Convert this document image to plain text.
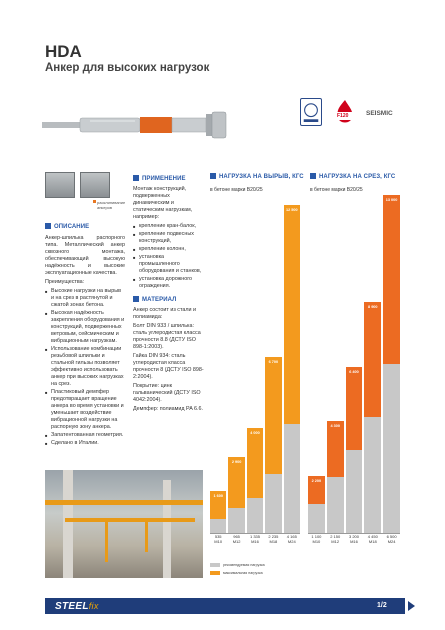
HDA
Анкер для высоких нагрузок
F120	SEISMIC
расклинивание анкеров
ОПИСАНИЕ

Анкер-шпилька распорного типа. Металлический анкер сквозного монтажа, обеспечивающий высокую надёжность и высокие эксплуатационные качества.

Преимущества:

■ Высокие нагрузки на вырыв и на срез в растянутой и сжатой зонах бетона.
■ Высокая надёжность закрепления оборудования и конструкций, подверженных ветровым, сейсмическим и вибрационным нагрузкам.
■ Использование комбинации резьбовой шпильки и стальной гильзы позволяет эффективно использовать анкер при высоких нагрузках на срез.
■ Пластиковый демпфер предотвращает вращение анкера во время установки и уменьшает воздействие вибрационной нагрузки на распорную зону анкера.
■ Запатентованная геометрия.
■ Сделано в Италии.
ПРИМЕНЕНИЕ

Монтаж конструкций, подверженных динамическим и статическим нагрузкам, например:

■ крепление кран-балок,
■ крепление подвесных конструкций,
■ крепление колонн,
■ установка промышленного оборудования и станков,
■ установка дорожного ограждения.
МАТЕРИАЛ

Анкер состоит из стали и полиамида:

Болт DIN 933 / шпилька: сталь углеродистая класса прочности 8.8 (ДСТУ ISO 898-1:2003).

Гайка DIN 934: сталь углеродистая класса прочности 8 (ДСТУ ISO 898-2:2004).

Покрытие: цинк гальванический (ДСТУ ISO 4042:2004).

Демпфер: полиамид PA 6.6.

НАГРУЗКА НА ВЫРЫВ, КГС
в бетоне марки В20/25
1 600
535
M10
2 900
965
M12
4 000
1 335
M16
6 700
2 235
M18
12 500
4 165
M24
НАГРУЗКА НА СРЕЗ, КГС
в бетоне марки В20/25
2 200
1 100
M10
4 300
2 150
M12
6 400
3 200
M16
8 900
4 450
M18
13 000
6 500
M24
рекомендуемая нагрузка
максимальная нагрузка
STEELfix	1/2
